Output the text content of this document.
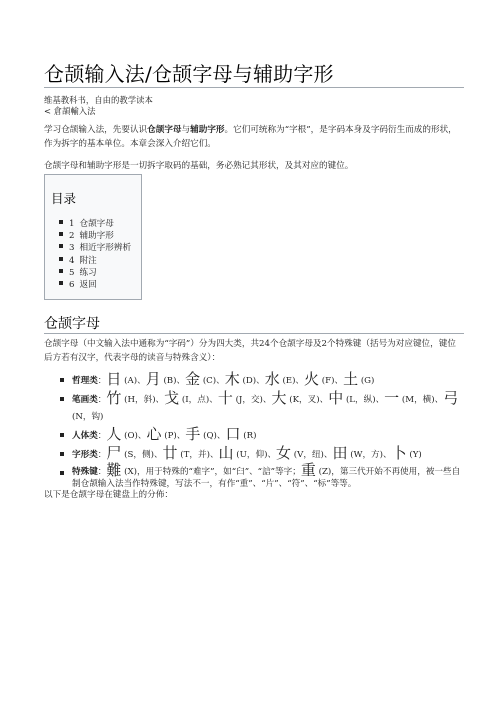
仓颉输入法/仓颉字母与辅助字形

维基教科书，自由的教学读本

< 倉頡輸入法

学习仓颉输入法，先要认识仓颉字母与辅助字形。它们可统称为“字根”，是字码本身及字码衍生而成的形状，作为拆字的基本单位。本章会深入介绍它们。

仓颉字母和辅助字形是一切拆字取码的基础，务必熟记其形状，及其对应的键位。

目录
1 仓颉字母
2 辅助字形
3 相近字形辨析
4 附注
5 练习
6 返回
仓颉字母

仓颉字母（中文输入法中通称为“字码”）分为四大类，共24个仓颉字母及2个特殊键（括号为对应键位，键位后方若有汉字，代表字母的读音与特殊含义）：

哲理类：日 (A)、月 (B)、金 (C)、木 (D)、水 (E)、火 (F)、土 (G)
笔画类：竹 (H，斜)、戈 (I，点)、十 (J，交)、大 (K，叉)、中 (L，纵)、一 (M，横)、弓 (N，钩)
人体类：人 (O)、心 (P)、手 (Q)、口 (R)
字形类：尸 (S，侧)、廿 (T，并)、山 (U，仰)、女 (V，纽)、田 (W，方)、卜 (Y)
特殊键：難 (X)，用于特殊的“难字”，如“臼”、“誩”等字；重 (Z)，第三代开始不再使用，被一些自制仓颉输入法当作特殊键，写法不一，有作“重”、“片”、“符”、“标”等等。

以下是仓颉字母在键盘上的分佈：
